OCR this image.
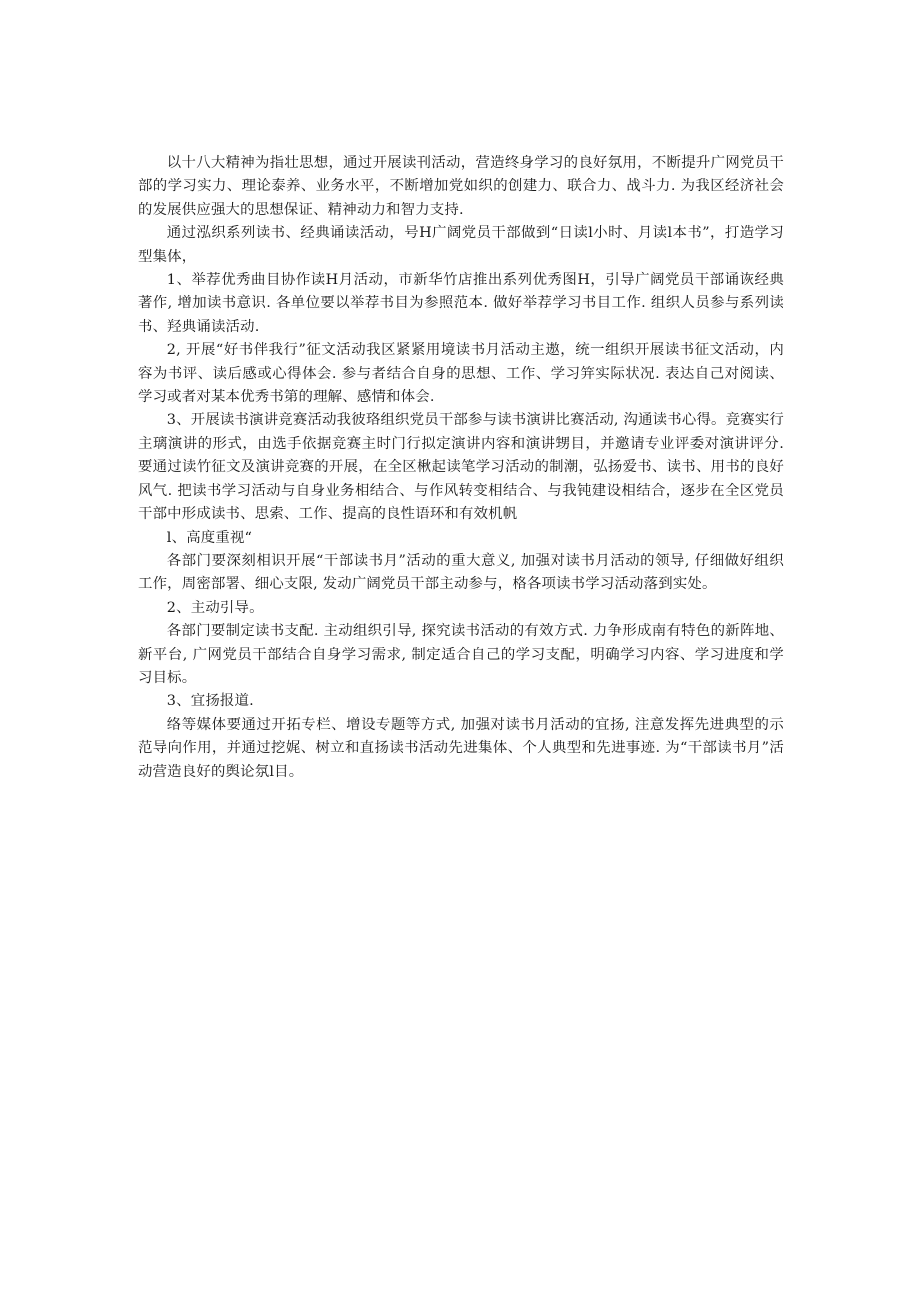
以十八大精神为指壮思想，通过开展读刊活动，营造终身学习的良好氛用，不断提升广网党员干部的学习实力、理论泰养、业务水平，不断增加党如织的创建力、联合力、战斗力. 为我区经济社会的发展供应强大的思想保证、精神动力和智力支持.

通过泓织系列读书、经典诵读活动，号H广阔党员干部做到“日读l小时、月读l本书”，打造学习型集体，

1、举荐优秀曲目协作读H月活动，市新华竹店推出系列优秀图H，引导广阔党员干部诵诙经典著作, 增加读书意识. 各单位要以举荐书目为参照范本. 做好举荐学习书目工作. 组织人员参与系列读书、羟典诵读活动.

2, 开展“好书伴我行”征文活动我区紧紧用境读书月活动主遨，统一组织开展读书征文活动，内容为书评、读后感或心得体会. 参与者结合自身的思想、工作、学习笄实际状况. 表达自己对阅读、学习或者对某本优秀书第的理解、感情和体会.

3、开展读书演讲竞赛活动我彼珞组织党员干部参与读书演讲比赛活动, 沟通读书心得。竞赛实行主璃演讲的形式，由选手依据竞赛主时门行拟定演讲内容和演讲甥目，并邀请专业评委对演讲评分. 要通过读竹征文及演讲竞赛的开展，在全区楸起读笔学习活动的制潮，弘扬爱书、读书、用书的良好风气. 把读书学习活动与自身业务相结合、与作风转变相结合、与我钝建设相结合，逐步在全区党员干部中形成读书、思索、工作、提高的良性语环和有效机帆

l、高度重视“

各部门要深刻相识开展“干部读书月”活动的重大意义, 加强对读书月活动的领导, 仔细做好组织工作，周密部署、细心支限, 发动广阔党员干部主动参与，格各项读书学习活动落到实处。

2、主动引导。

各部门要制定读书支配. 主动组织引导, 探究读书活动的有效方式. 力争形成南有特色的新阵地、新平台, 广网党员干部结合自身学习需求, 制定适合自己的学习支配，明确学习内容、学习进度和学习目标。

3、宜扬报道.

络等媒体要通过开拓专栏、增设专题等方式, 加强对读书月活动的宜扬, 注意发挥先进典型的示范导向作用，并通过挖娓、树立和直扬读书活动先进集体、个人典型和先进事迹. 为“干部读书月”活动营造良好的舆论氛l目。
